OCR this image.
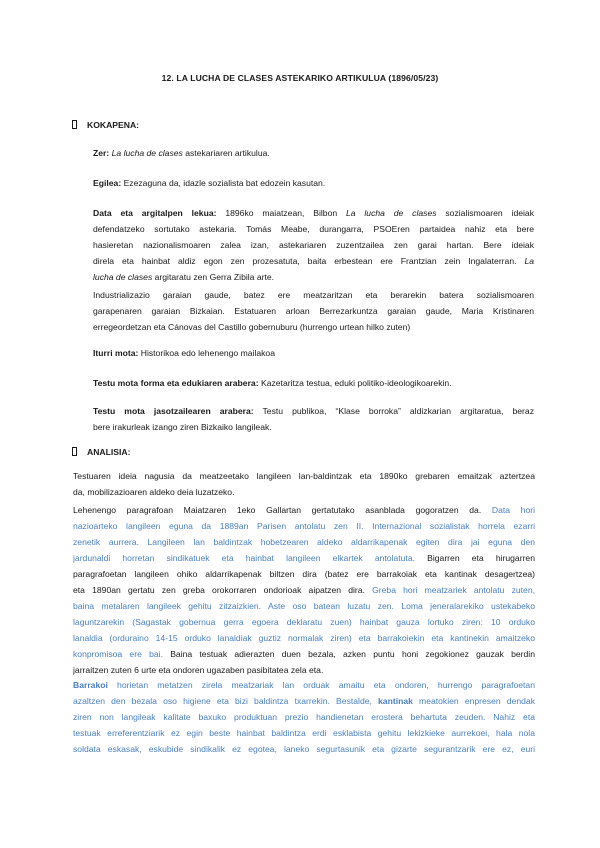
12. LA LUCHA DE CLASES ASTEKARIKO ARTIKULUA (1896/05/23)
KOKAPENA:
Zer: La lucha de clases astekariaren artikulua.
Egilea: Ezezaguna da, idazle sozialista bat edozein kasutan.
Data eta argitalpen lekua: 1896ko maiatzean, Bilbon La lucha de clases sozialismoaren ideiak
defendatzeko sortutako astekaria. Tomás Meabe, durangarra, PSOEren partaidea nahiz eta bere
hasieretan nazionalismoaren zalea izan, astekariaren zuzentzailea zen garai hartan. Bere ideiak
direla eta hainbat aldiz egon zen prozesatuta, baita erbestean ere Frantzian zein Ingalaterran. La
lucha de clases argitaratu zen Gerra Zibila arte.
Industrializazio garaian gaude, batez ere meatzaritzan eta berarekin batera sozialismoaren
garapenaren garaian Bizkaian. Estatuaren arloan Berrezarkuntza garaian gaude, Maria Kristinaren
erregeordetzan eta Cánovas del Castillo gobernuburu (hurrengo urtean hilko zuten)
Iturri mota: Historikoa edo lehenengo mailakoa
Testu mota forma eta edukiaren arabera: Kazetaritza testua, eduki politiko-ideologikoarekin.
Testu mota jasotzailearen arabera: Testu publikoa, “Klase borroka” aldizkarian argitaratua, beraz
bere irakurleak izango ziren Bizkaiko langileak.
ANALISIA:
Testuaren ideia nagusia da meatzeetako langileen lan-baldintzak eta 1890ko grebaren emaitzak aztertzea
da, mobilizazioaren aldeko deia luzatzeko.
Lehenengo paragrafoan Maiatzaren 1eko Gallartan gertatutako asanblada gogoratzen da. Data hori
nazioarteko langileen eguna da 1889an Parisen antolatu zen II. Internazional sozialistak horrela ezarri
zenetik aurrera. Langileen lan baldintzak hobetzearen aldeko aldarrikapenak egiten dira jai eguna den
jardunaldi horretan sindikatuek eta hainbat langileen elkartek antolatuta. Bigarren eta hirugarren
paragrafoetan langileen ohiko aldarrikapenak biltzen dira (batez ere barrakoiak eta kantinak desagertzea)
eta 1890an gertatu zen greba orokorraren ondorioak aipatzen dira. Greba hori meatzariek antolatu zuten,
baina metalaren langileek gehitu zitzaizkien. Aste oso batean luzatu zen. Loma jeneralarekiko ustekabeko
laguntzarekin (Sagastak gobernua gerra egoera deklaratu zuen) hainbat gauza lortuko ziren: 10 orduko
lanaldia (orduraino 14-15 orduko lanaldiak guztiz normalak ziren) eta barrakoiekin eta kantinekin amaitzeko
konpromisoa ere bai. Baina testuak adierazten duen bezala, azken puntu honi zegokionez gauzak berdin
jarraitzen zuten 6 urte eta ondoren ugazaben pasibitatea zela eta.
Barrakoi horietan metatzen zirela meatzariak lan orduak amaitu eta ondoren, hurrengo paragrafoetan
azaltzen den bezala oso higiene eta bizi baldintza txarrekin. Bestalde, kantinak meatokien enpresen dendak
ziren non langileak kalitate baxuko produktuan prezio handienetan erostera behartuta zeuden. Nahiz eta
testuak erreferentziarik ez egin beste hainbat baldintza erdi esklabista gehitu lekizkieke aurrekoei, hala nola
soldata eskasak, eskubide sindikalik ez egotea, laneko segurtasunik eta gizarte segurantzarik ere ez, euri
